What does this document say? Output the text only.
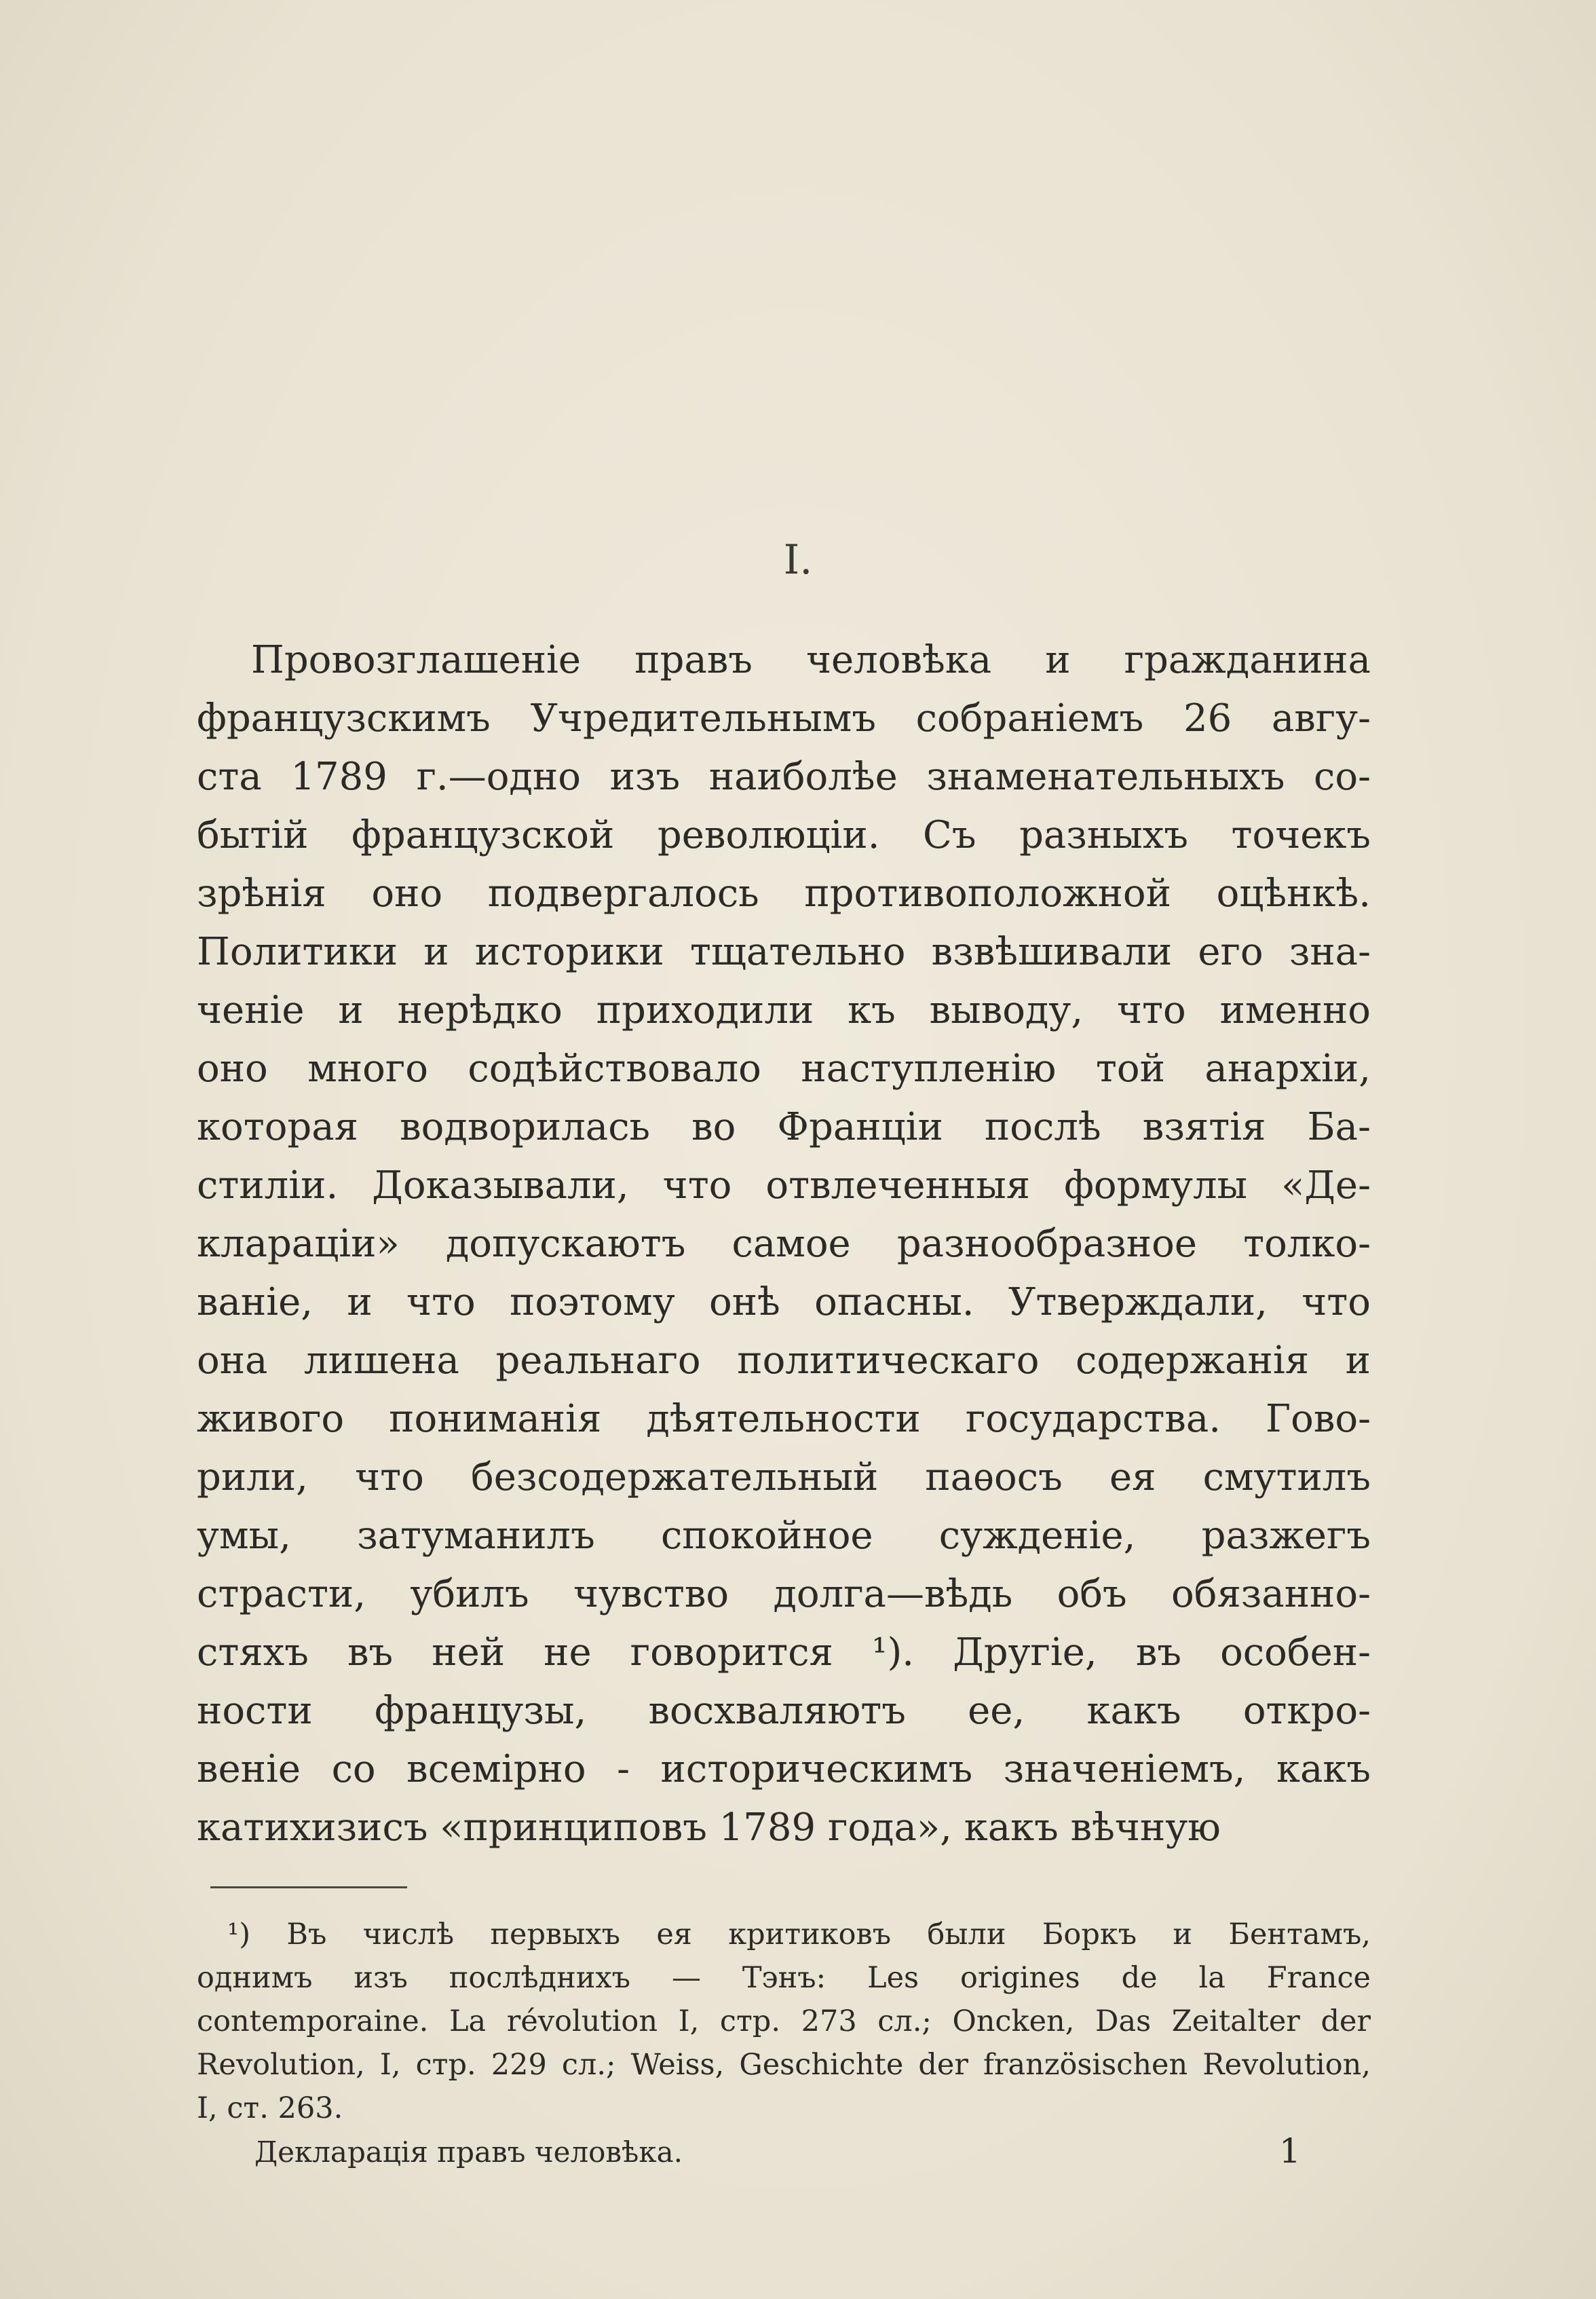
I.
Провозглашеніе правъ человѣка и гражданина
французскимъ Учредительнымъ собраніемъ 26 авгу-
ста 1789 г.—одно изъ наиболѣе знаменательныхъ со-
бытій французской революціи. Съ разныхъ точекъ
зрѣнія оно подвергалось противоположной оцѣнкѣ.
Политики и историки тщательно взвѣшивали его зна-
ченіе и нерѣдко приходили къ выводу, что именно
оно много содѣйствовало наступленію той анархіи,
которая водворилась во Франціи послѣ взятія Ба-
стиліи. Доказывали, что отвлеченныя формулы «Де-
клараціи» допускаютъ самое разнообразное толко-
ваніе, и что поэтому онѣ опасны. Утверждали, что
она лишена реальнаго политическаго содержанія и
живого пониманія дѣятельности государства. Гово-
рили, что безсодержательный паѳосъ ея смутилъ
умы, затуманилъ спокойное сужденіе, разжегъ
страсти, убилъ чувство долга—вѣдь объ обязанно-
стяхъ въ ней не говорится ¹). Другіе, въ особен-
ности французы, восхваляютъ ее, какъ откро-
веніе со всемірно - историческимъ значеніемъ, какъ
катихизисъ «принциповъ 1789 года», какъ вѣчную
¹) Въ числѣ первыхъ ея критиковъ были Боркъ и Бентамъ,
однимъ изъ послѣднихъ — Тэнъ: Les origines de la France
contemporaine. La révolution I, стр. 273 сл.; Oncken, Das Zeitalter der
Revolution, I, стр. 229 сл.; Weiss, Geschichte der französischen Revolution,
I, ст. 263.
Декларація правъ человѣка.	1
